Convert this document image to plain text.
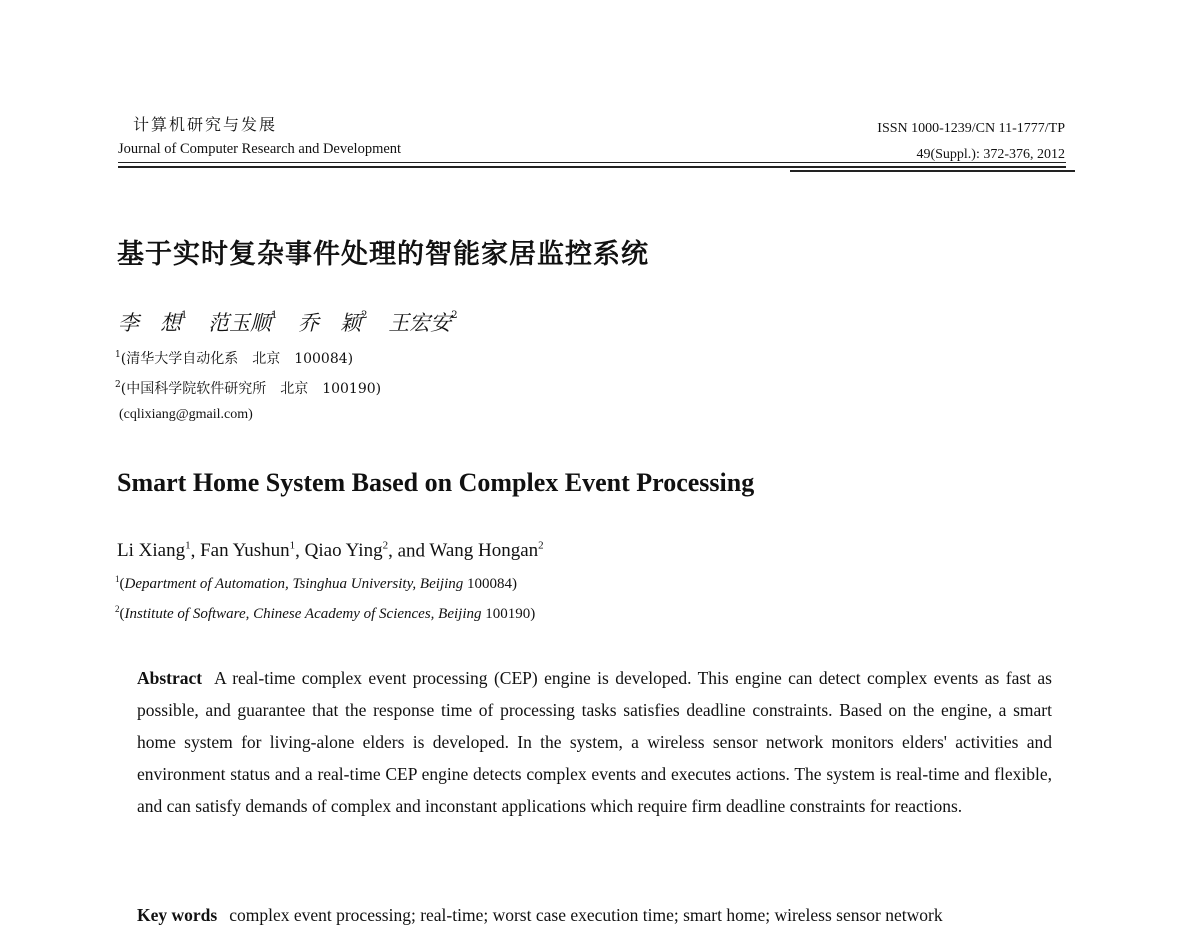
计算机研究与发展
Journal of Computer Research and Development
ISSN 1000-1239/CN 11-1777/TP
49(Suppl.): 372-376, 2012
基于实时复杂事件处理的智能家居监控系统
李　想$^1$ 范玉顺$^1$ 乔　颖$^2$ 王宏安$^2$
$^1$(清华大学自动化系　北京　100084)
$^2$(中国科学院软件研究所　北京　100190)
(cqlixiang@gmail.com)
Smart Home System Based on Complex Event Processing
Li Xiang$^1$, Fan Yushun$^1$, Qiao Ying$^2$, and Wang Hongan$^2$
$^1$(Department of Automation, Tsinghua University, Beijing 100084)
$^2$(Institute of Software, Chinese Academy of Sciences, Beijing 100190)
Abstract A real-time complex event processing (CEP) engine is developed. This engine can detect complex events as fast as possible, and guarantee that the response time of processing tasks satisfies deadline constraints. Based on the engine, a smart home system for living-alone elders is developed. In the system, a wireless sensor network monitors elders' activities and environment status and a real-time CEP engine detects complex events and executes actions. The system is real-time and flexible, and can satisfy demands of complex and inconstant applications which require firm deadline constraints for reactions.
Key words complex event processing; real-time; worst case execution time; smart home; wireless sensor network
